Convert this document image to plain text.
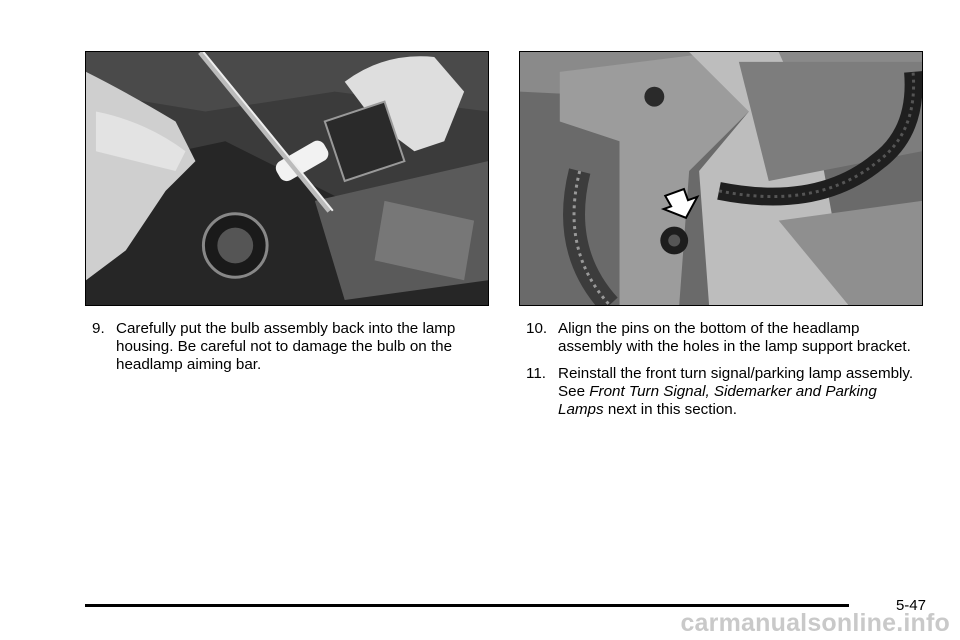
9. Carefully put the bulb assembly back into the lamp housing. Be careful not to damage the bulb on the headlamp aiming bar.
10. Align the pins on the bottom of the headlamp assembly with the holes in the lamp support bracket.
11. Reinstall the front turn signal/parking lamp assembly. See Front Turn Signal, Sidemarker and Parking Lamps next in this section.
5-47
carmanualsonline.info
